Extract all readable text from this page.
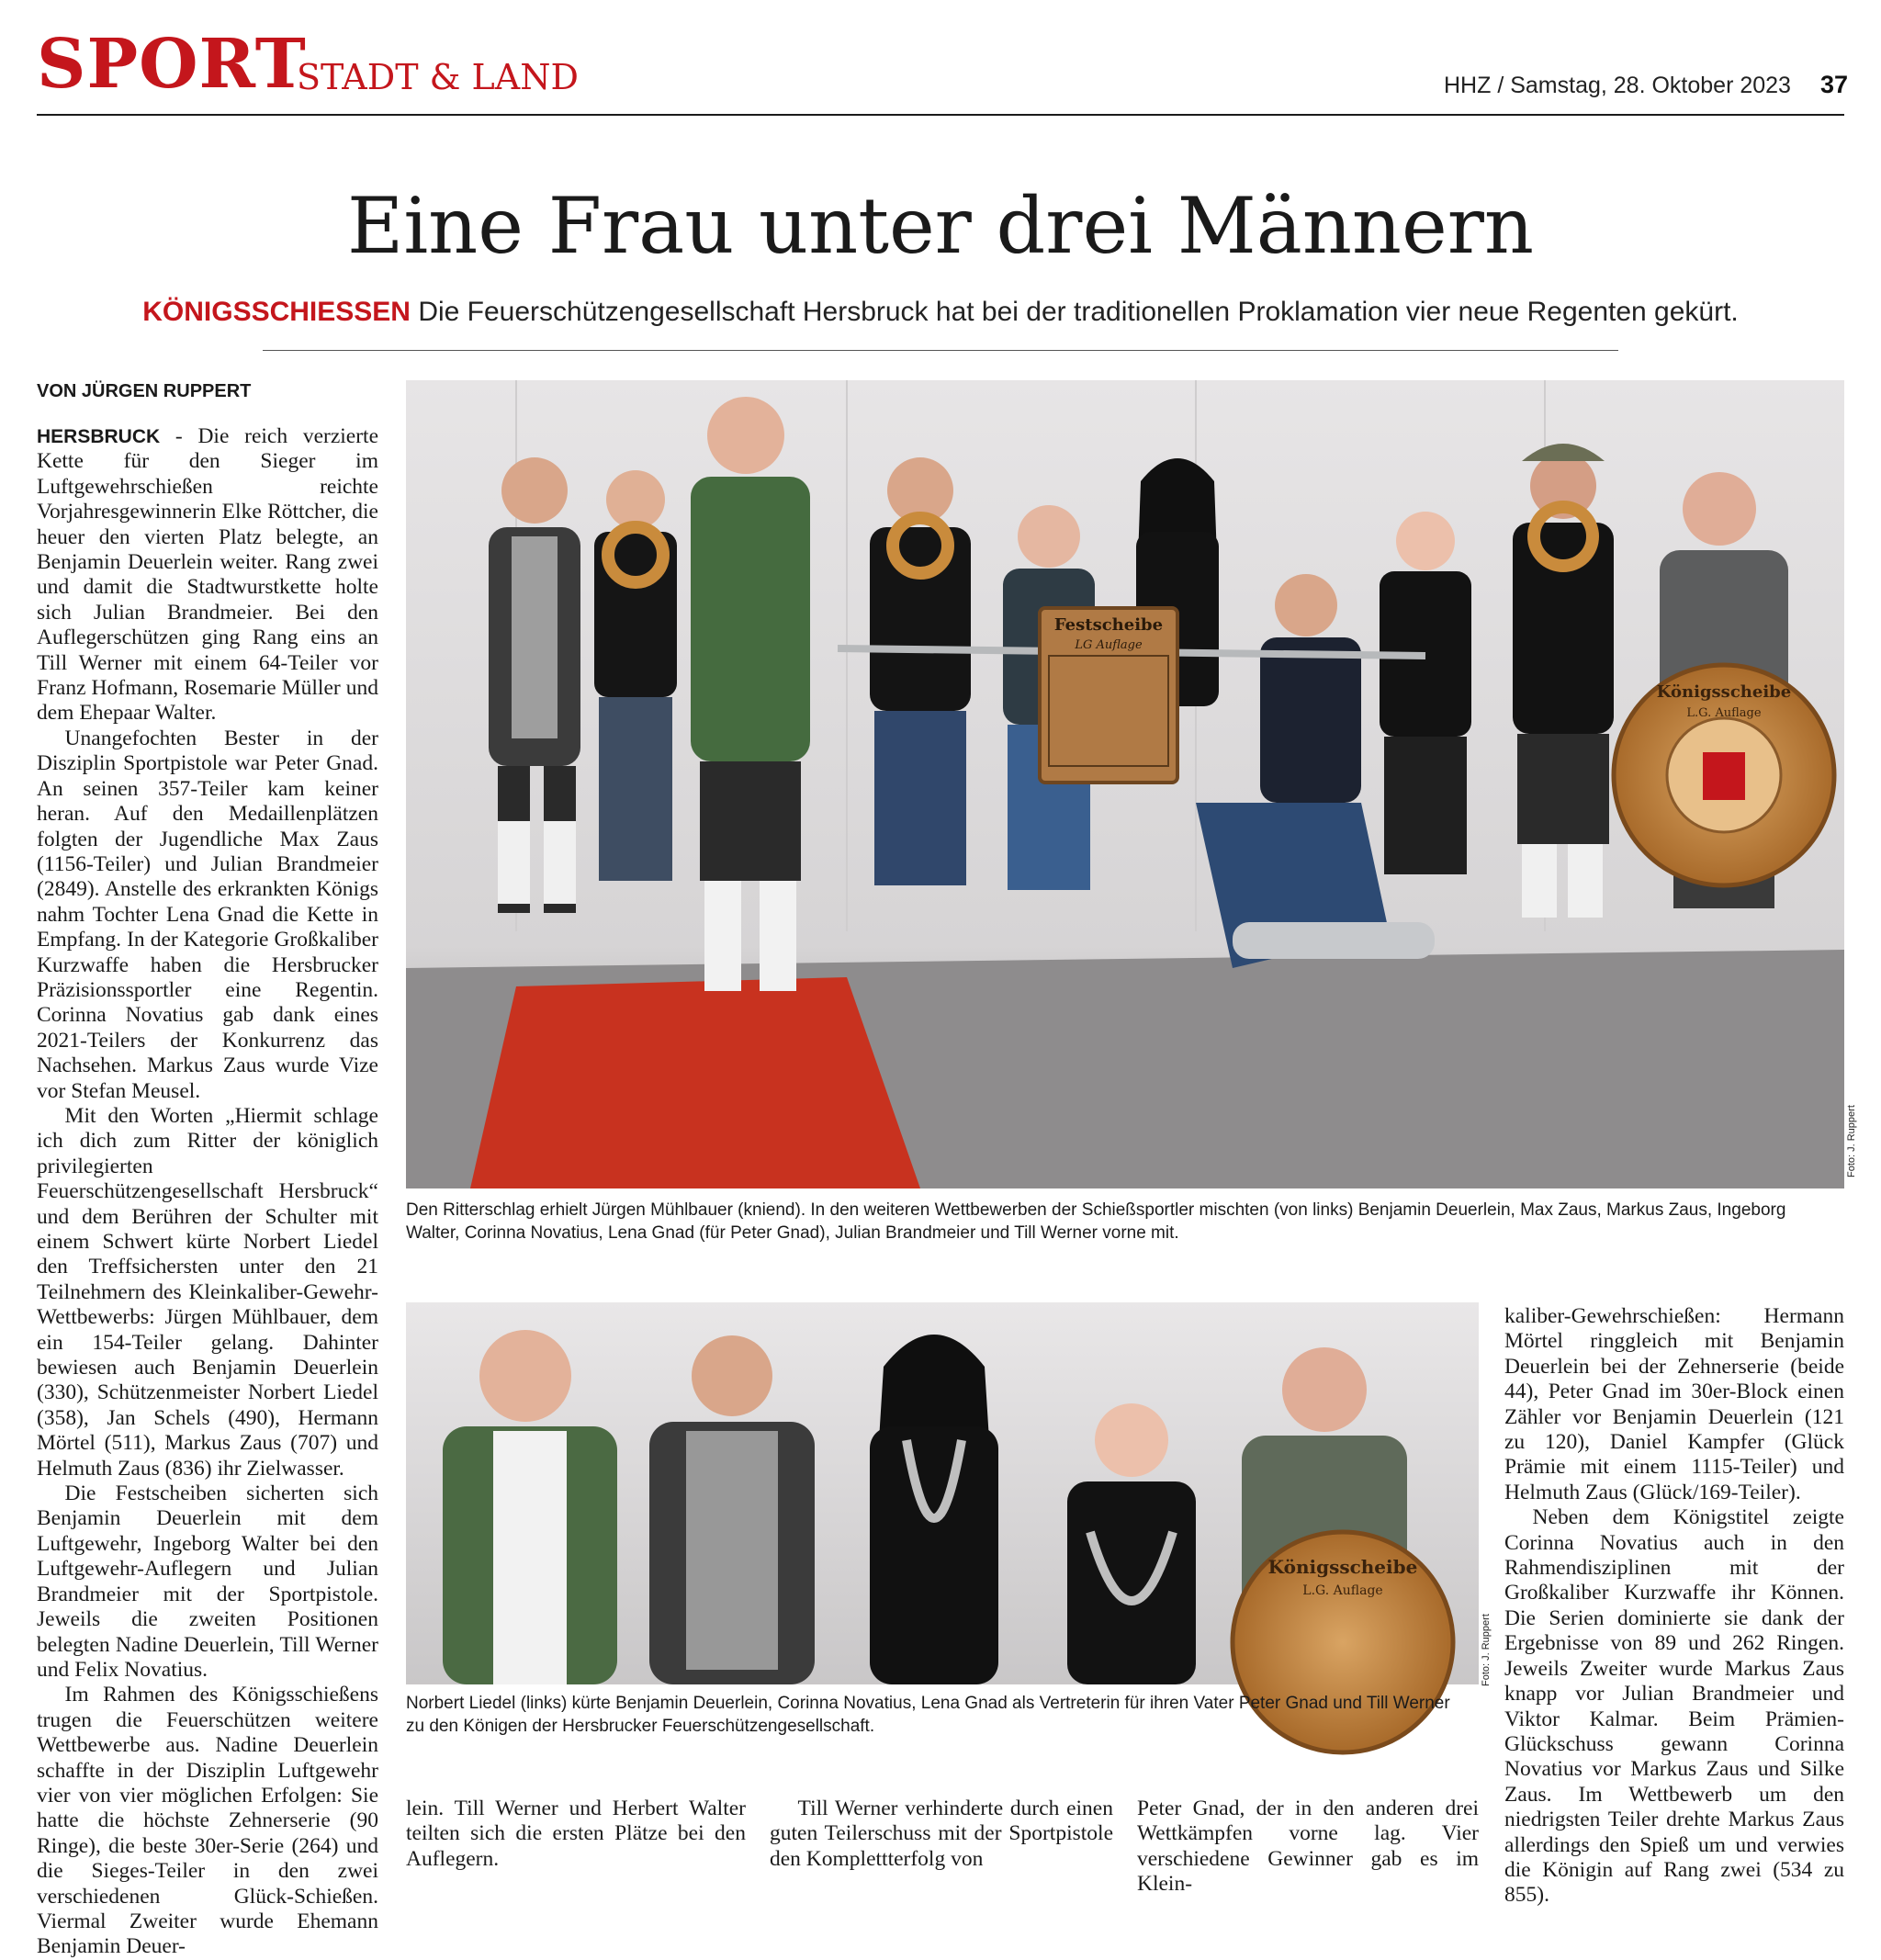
SPORT
STADT & LAND	HHZ / Samstag, 28. Oktober 2023 37
Eine Frau unter drei Männern
KÖNIGSSCHIESSEN Die Feuerschützengesellschaft Hersbruck hat bei der traditionellen Proklamation vier neue Regenten gekürt.
VON JÜRGEN RUPPERT

HERSBRUCK - Die reich verzierte Kette für den Sieger im Luftgewehrschießen reichte Vorjahresgewinnerin Elke Röttcher, die heuer den vierten Platz belegte, an Benjamin Deuerlein weiter. Rang zwei und damit die Stadtwurstkette holte sich Julian Brandmeier. Bei den Auflegerschützen ging Rang eins an Till Werner mit einem 64-Teiler vor Franz Hofmann, Rosemarie Müller und dem Ehepaar Walter.

Unangefochten Bester in der Disziplin Sportpistole war Peter Gnad. An seinen 357-Teiler kam keiner heran. Auf den Medaillenplätzen folgten der Jugendliche Max Zaus (1156-Teiler) und Julian Brandmeier (2849). Anstelle des erkrankten Königs nahm Tochter Lena Gnad die Kette in Empfang. In der Kategorie Großkaliber Kurzwaffe haben die Hersbrucker Präzisionssportler eine Regentin. Corinna Novatius gab dank eines 2021-Teilers der Konkurrenz das Nachsehen. Markus Zaus wurde Vize vor Stefan Meusel.

Mit den Worten „Hiermit schlage ich dich zum Ritter der königlich privilegierten Feuerschützengesellschaft Hersbruck“ und dem Berühren der Schulter mit einem Schwert kürte Norbert Liedel den Treffsichersten unter den 21 Teilnehmern des Kleinkaliber-Gewehr-Wettbewerbs: Jürgen Mühlbauer, dem ein 154-Teiler gelang. Dahinter bewiesen auch Benjamin Deuerlein (330), Schützenmeister Norbert Liedel (358), Jan Schels (490), Hermann Mörtel (511), Markus Zaus (707) und Helmuth Zaus (836) ihr Zielwasser.

Die Festscheiben sicherten sich Benjamin Deuerlein mit dem Luftgewehr, Ingeborg Walter bei den Luftgewehr-Auflegern und Julian Brandmeier mit der Sportpistole. Jeweils die zweiten Positionen belegten Nadine Deuerlein, Till Werner und Felix Novatius.

Im Rahmen des Königsschießens trugen die Feuerschützen weitere Wettbewerbe aus. Nadine Deuerlein schaffte in der Disziplin Luftgewehr vier von vier möglichen Erfolgen: Sie hatte die höchste Zehnerserie (90 Ringe), die beste 30er-Serie (264) und die Sieges-Teiler in den zwei verschiedenen Glück-Schießen. Viermal Zweiter wurde Ehemann Benjamin Deuer-

Festscheibe
LG Auflage
Königsscheibe
L.G. Auflage
Foto: J. Ruppert
Den Ritterschlag erhielt Jürgen Mühlbauer (kniend). In den weiteren Wettbewerben der Schießsportler mischten (von links) Benjamin Deuerlein, Max Zaus, Markus Zaus, Ingeborg Walter, Corinna Novatius, Lena Gnad (für Peter Gnad), Julian Brandmeier und Till Werner vorne mit.
Königsscheibe
L.G. Auflage
Foto: J. Ruppert
Norbert Liedel (links) kürte Benjamin Deuerlein, Corinna Novatius, Lena Gnad als Vertreterin für ihren Vater Peter Gnad und Till Werner zu den Königen der Hersbrucker Feuerschützengesellschaft.
lein. Till Werner und Herbert Walter teilten sich die ersten Plätze bei den Auflegern.
Till Werner verhinderte durch einen guten Teilerschuss mit der Sportpistole den Komplettterfolg von
Peter Gnad, der in den anderen drei Wettkämpfen vorne lag. Vier verschiedene Gewinner gab es im Klein-

kaliber-Gewehrschießen: Hermann Mörtel ringgleich mit Benjamin Deuerlein bei der Zehnerserie (beide 44), Peter Gnad im 30er-Block einen Zähler vor Benjamin Deuerlein (121 zu 120), Daniel Kampfer (Glück Prämie mit einem 1115-Teiler) und Helmuth Zaus (Glück/169-Teiler).

Neben dem Königstitel zeigte Corinna Novatius auch in den Rahmendisziplinen mit der Großkaliber Kurzwaffe ihr Können. Die Serien dominierte sie dank der Ergebnisse von 89 und 262 Ringen. Jeweils Zweiter wurde Markus Zaus knapp vor Julian Brandmeier und Viktor Kalmar. Beim Prämien-Glückschuss gewann Corinna Novatius vor Markus Zaus und Silke Zaus. Im Wettbewerb um den niedrigsten Teiler drehte Markus Zaus allerdings den Spieß um und verwies die Königin auf Rang zwei (534 zu 855).
